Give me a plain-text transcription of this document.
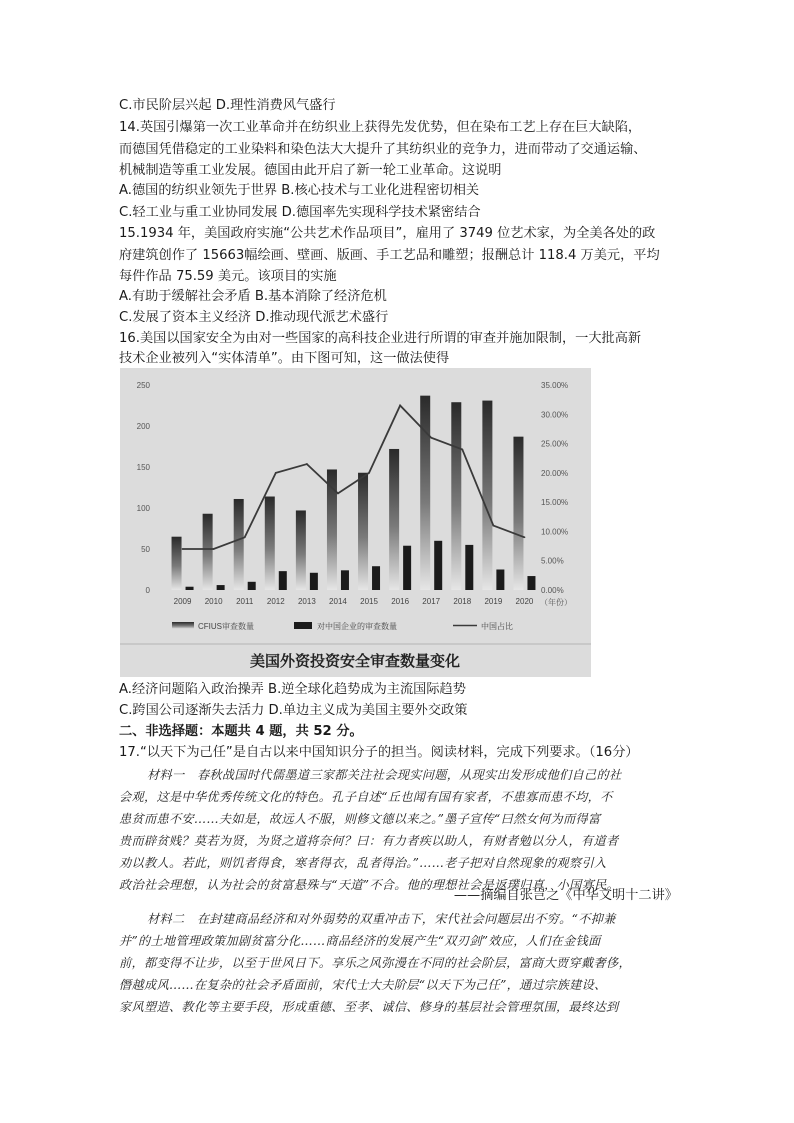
C.市民阶层兴起 D.理性消费风气盛行
14.英国引爆第一次工业革命并在纺织业上获得先发优势，但在染布工艺上存在巨大缺陷，
而德国凭借稳定的工业染料和染色法大大提升了其纺织业的竞争力，进而带动了交通运输、
机械制造等重工业发展。德国由此开启了新一轮工业革命。这说明
A.德国的纺织业领先于世界 B.核心技术与工业化进程密切相关
C.轻工业与重工业协同发展 D.德国率先实现科学技术紧密结合
15.1934 年，美国政府实施“公共艺术作品项目”，雇用了 3749 位艺术家，为全美各处的政
府建筑创作了 15663幅绘画、壁画、版画、手工艺品和雕塑；报酬总计 118.4 万美元，平均
每件作品 75.59 美元。该项目的实施
A.有助于缓解社会矛盾 B.基本消除了经济危机
C.发展了资本主义经济 D.推动现代派艺术盛行
16.美国以国家安全为由对一些国家的高科技企业进行所谓的审查并施加限制，一大批高新
技术企业被列入“实体清单”。由下图可知，这一做法使得
0
50
100
150
200
250
0.00%
5.00%
10.00%
15.00%
20.00%
25.00%
30.00%
35.00%
2009 2010 2011 2012 2013 2014 2015 2016 2017 2018 2019 2020 （年份）
CFIUS审查数量	对中国企业的审查数量	中国占比
美国外资投资安全审查数量变化
A.经济问题陷入政治操弄 B.逆全球化趋势成为主流国际趋势
C.跨国公司逐渐失去活力 D.单边主义成为美国主要外交政策
二、非选择题：本题共 4 题，共 52 分。
17.“以天下为己任”是自古以来中国知识分子的担当。阅读材料，完成下列要求。（16分）
材料一　春秋战国时代儒墨道三家都关注社会现实问题，从现实出发形成他们自己的社
会观，这是中华优秀传统文化的特色。孔子自述“丘也闻有国有家者，不患寡而患不均，不
患贫而患不安……夫如是，故远人不服，则修文德以来之。”墨子宣传“曰然女何为而得富
贵而辟贫贱？莫若为贤，为贤之道将奈何？曰：有力者疾以助人，有财者勉以分人，有道者
劝以教人。若此，则饥者得食，寒者得衣，乱者得治。”……老子把对自然现象的观察引入
政治社会理想，认为社会的贫富悬殊与“天道”不合。他的理想社会是返璞归真，小国寡民。
——摘编自张岂之《中华文明十二讲》
材料二　在封建商品经济和对外弱势的双重冲击下，宋代社会问题层出不穷。“不抑兼
并”的土地管理政策加剧贫富分化……商品经济的发展产生“双刃剑”效应，人们在金钱面
前，都变得不让步，以至于世风日下。享乐之风弥漫在不同的社会阶层，富商大贾穿戴奢侈，
僭越成风……在复杂的社会矛盾面前，宋代士大夫阶层“以天下为己任”，通过宗族建设、
家风塑造、教化等主要手段，形成重德、至孝、诚信、修身的基层社会管理氛围，最终达到
